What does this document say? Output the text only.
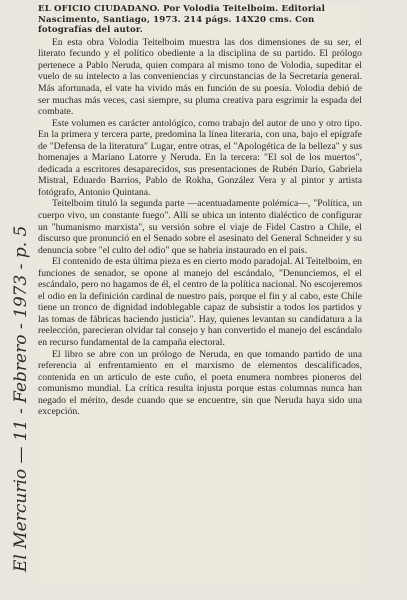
El Mercurio — 11 - Febrero - 1973 - p. 5

EL OFICIO CIUDADANO. Por Volodia Teitelboim. Editorial Nascimento, Santiago, 1973. 214 págs. 14X20 cms. Con fotografías del autor.

En esta obra Volodia Teitelboim muestra las dos dimensiones de su ser, el literato fecundo y el político obediente a la disciplina de su partido. El prólogo pertenece a Pablo Neruda, quien compara al mismo tono de Volodia, supeditar el vuelo de su intelecto a las conveniencias y circunstancias de la Secretaría general. Más afortunada, el vate ha vivido más en función de su poesía. Volodia debió de ser muchas más veces, casi siempre, su pluma creativa para esgrimir la espada del combate.

Este volumen es carácter antológico, como trabajo del autor de uno y otro tipo. En la primera y tercera parte, predomina la línea literaria, con una, bajo el epígrafe de "Defensa de la literatura" Lugar, entre otras, el "Apologética de la belleza" y sus homenajes a Mariano Latorre y Neruda. En la tercera: "El sol de los muertos", dedicada a escritores desaparecidos, sus presentaciones de Rubén Darío, Gabriela Mistral, Eduardo Barrios, Pablo de Rokha, González Vera y al pintor y artista fotógrafo, Antonio Quintana.

Teitelboim tituló la segunda parte —acentuadamente polémica—, "Política, un cuerpo vivo, un constante fuego". Allí se ubica un intento dialéctico de configurar un "humanismo marxista", su versión sobre el viaje de Fidel Castro a Chile, el discurso que pronunció en el Senado sobre el asesinato del General Schneider y su denuncia sobre "el culto del odio" que se habría instaurado en el país.

El contenido de esta última pieza es en cierto modo paradojal. Al Teitelboim, en funciones de senador, se opone al manejo del escándalo, "Denunciemos, el el escándalo, pero no hagamos de él, el centro de la política nacional. No escojeremos el odio en la definición cardinal de nuestro país, porque el fin y al cabo, este Chile tiene un tronco de dignidad indoblegable capaz de subsistir a todos los partidos y las tomas de fábricas haciendo justicia". Hay, quienes levantan su candidatura a la reelección, parecieran olvidar tal consejo y han convertido el manejo del escándalo en recurso fundamental de la campaña electoral.

El libro se abre con un prólogo de Neruda, en que tomando partido de una referencia al enfrentamiento en el marxismo de elementos descalificados, contenida en un artículo de este cuño, el poeta enumera nombres pioneros del comunismo mundial. La crítica resulta injusta porque estas columnas nunca han negado el mérito, desde cuando que se encuentre, sin que Neruda haya sido una excepción.
